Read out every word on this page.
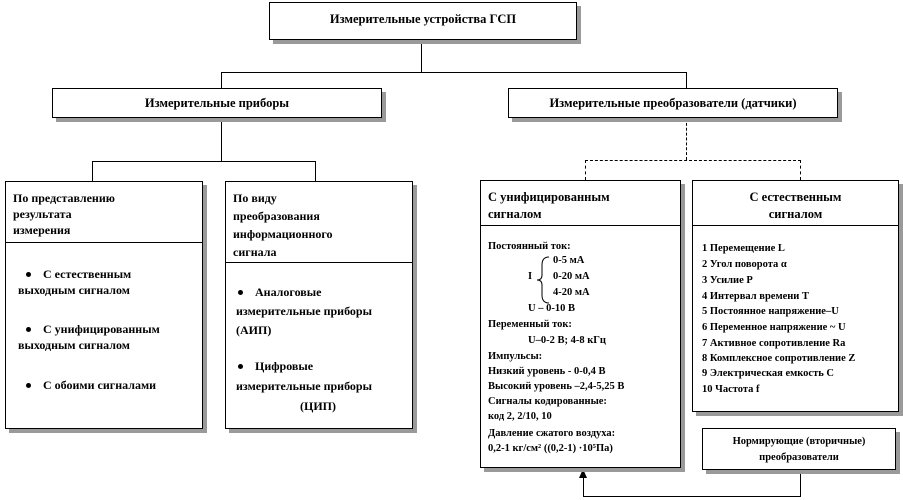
Измерительные устройства ГСП
Измерительные приборы	Измерительные преобразователи (датчики)
По представлению
результата
измерения
С естественным
выходным сигналом
С унифицированным
выходным сигналом
С обоими сигналами
По виду
преобразования
информационного
сигнала
Аналоговые
измерительные приборы
(АИП)
Цифровые
измерительные приборы
(ЦИП)
С унифицированным
сигналом
Постоянный ток:
I
0-5 мА
0-20 мА
4-20 мА
U – 0-10 В
Переменный ток:
U–0-2 В; 4-8 кГц
Импульсы:
Низкий уровень - 0-0,4 В
Высокий уровень –2,4-5,25 В
Сигналы кодированные:
код 2, 2/10, 10
Давление сжатого воздуха:
0,2-1 кг/см² ((0,2-1) ·10⁵Па)
С естественным
сигналом
1 Перемещение L
2 Угол поворота α
3 Усилие P
4 Интервал времени T
5 Постоянное напряжение–U
6 Переменное напряжение ~ U
7 Активное сопротивление Ra
8 Комплексное сопротивление Z
9 Электрическая емкость C
10 Частота f
Нормирующие (вторичные)
преобразователи
